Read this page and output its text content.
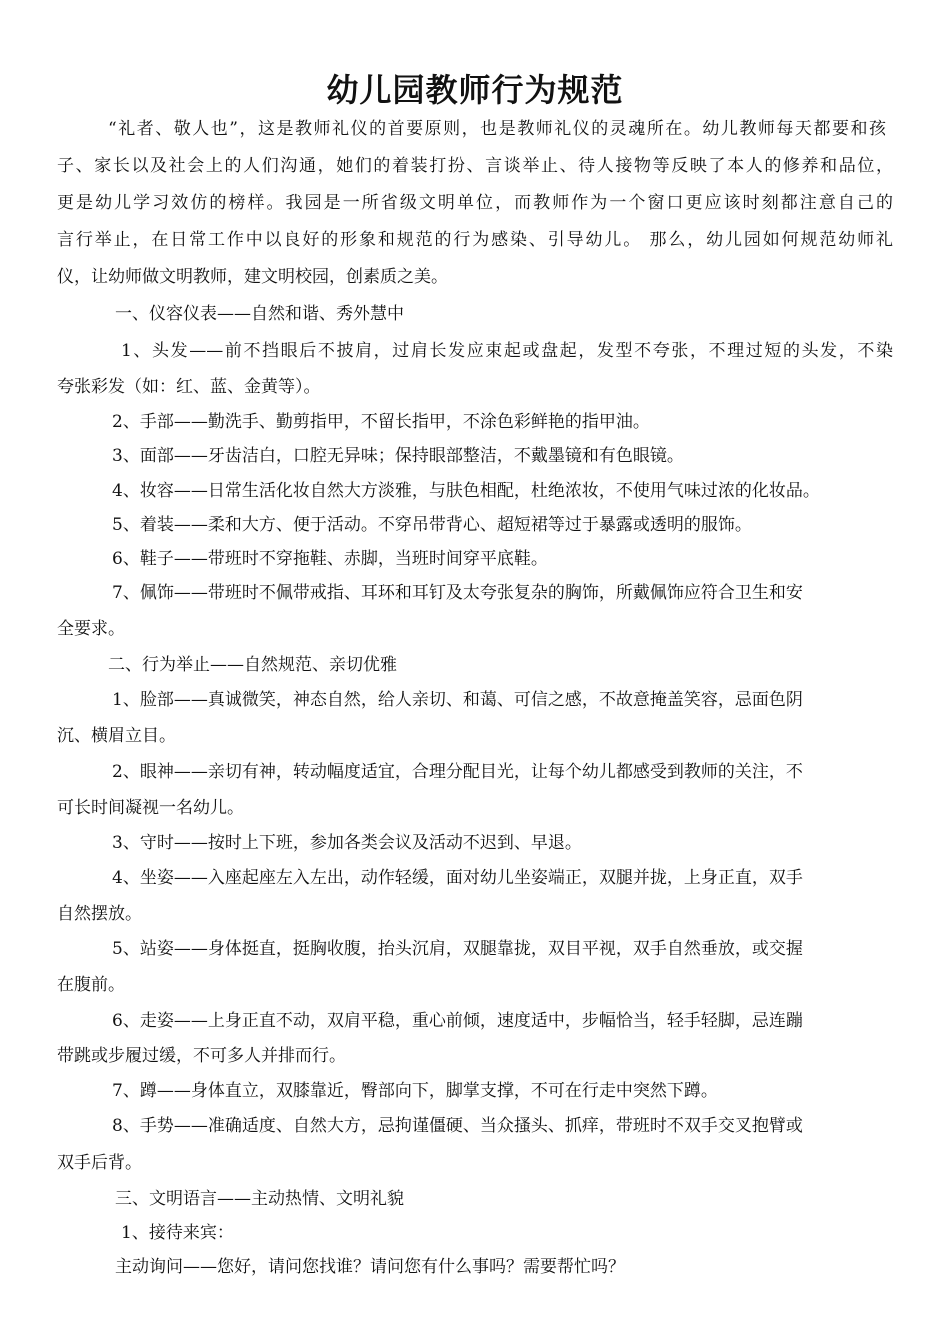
幼儿园教师行为规范
“礼者、敬人也”，这是教师礼仪的首要原则，也是教师礼仪的灵魂所在。幼儿教师每天都要和孩
子、家长以及社会上的人们沟通，她们的着装打扮、言谈举止、待人接物等反映了本人的修养和品位，
更是幼儿学习效仿的榜样。我园是一所省级文明单位，而教师作为一个窗口更应该时刻都注意自己的
言行举止，在日常工作中以良好的形象和规范的行为感染、引导幼儿。 那么，幼儿园如何规范幼师礼
仪，让幼师做文明教师，建文明校园，创素质之美。
一、仪容仪表——自然和谐、秀外慧中
1、头发——前不挡眼后不披肩，过肩长发应束起或盘起，发型不夸张，不理过短的头发，不染
夸张彩发（如：红、蓝、金黄等）。
2、手部——勤洗手、勤剪指甲，不留长指甲，不涂色彩鲜艳的指甲油。
3、面部——牙齿洁白，口腔无异味；保持眼部整洁，不戴墨镜和有色眼镜。
4、妆容——日常生活化妆自然大方淡雅，与肤色相配，杜绝浓妆，不使用气味过浓的化妆品。
5、着装——柔和大方、便于活动。不穿吊带背心、超短裙等过于暴露或透明的服饰。
6、鞋子——带班时不穿拖鞋、赤脚，当班时间穿平底鞋。
7、佩饰——带班时不佩带戒指、耳环和耳钉及太夸张复杂的胸饰，所戴佩饰应符合卫生和安
全要求。
二、行为举止——自然规范、亲切优雅
1、脸部——真诚微笑，神态自然，给人亲切、和蔼、可信之感，不故意掩盖笑容，忌面色阴
沉、横眉立目。
2、眼神——亲切有神，转动幅度适宜，合理分配目光，让每个幼儿都感受到教师的关注，不
可长时间凝视一名幼儿。
3、守时——按时上下班，参加各类会议及活动不迟到、早退。
4、坐姿——入座起座左入左出，动作轻缓，面对幼儿坐姿端正，双腿并拢，上身正直，双手
自然摆放。
5、站姿——身体挺直，挺胸收腹，抬头沉肩，双腿靠拢，双目平视，双手自然垂放，或交握
在腹前。
6、走姿——上身正直不动，双肩平稳，重心前倾，速度适中，步幅恰当，轻手轻脚，忌连蹦
带跳或步履过缓，不可多人并排而行。
7、蹲——身体直立，双膝靠近，臀部向下，脚掌支撑，不可在行走中突然下蹲。
8、手势——准确适度、自然大方，忌拘谨僵硬、当众搔头、抓痒，带班时不双手交叉抱臂或
双手后背。
三、文明语言——主动热情、文明礼貌
1、接待来宾：
主动询问——您好，请问您找谁？请问您有什么事吗？需要帮忙吗？
